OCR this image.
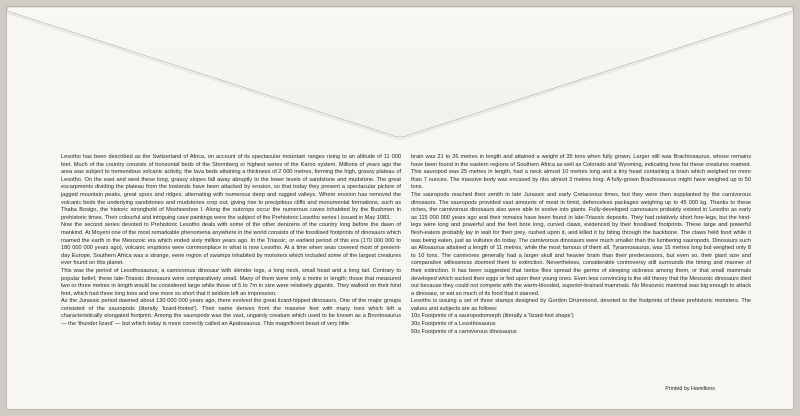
Lesotho has been described as the Switzerland of Africa, on account of its spectacular mountain ranges rising to an altitude of 11 000 feet. Much of the country consists of horizontal beds of the Stormberg or highest series of the Karoo system. Millions of years ago the area was subject to tremendous volcanic activity, the lava beds attaining a thickness of 2 000 metres, forming the high, grassy plateau of Lesotho. On the east and west these long, grassy slopes fall away abruptly to the lower levels of sandstone and mudstone. The great escarpments dividing the plateau from the lowlands have been attacked by erosion, so that today they present a spectacular picture of jagged mountain peaks, great spurs and ridges, alternating with numerous deep and rugged valleys. Where erosion has removed the volcanic beds the underlying sandstones and mudstones crop out, giving rise to precipitous cliffs and monumental formations, such as Thaba Bosigo, the historic stronghold of Moshoeshoe I. Along the outcrops occur the numerous caves inhabited by the Bushmen in prehistoric times. Their colourful and intriguing cave paintings were the subject of the Prehistoric Lesotho series I issued in May 1983.

Now the second series devoted to Prehistoric Lesotho deals with some of the other denizens of the country long before the dawn of mankind. At Moyeni one of the most remarkable phenomena anywhere in the world consists of the fossilised footprints of dinosaurs which roamed the earth in the Mesozoic era which ended sixty million years ago. In the Triassic, or earliest period of this era (170 000 000 to 180 000 000 years ago), volcanic eruptions were commonplace in what is now Lesotho. At a time when seas covered most of present-day Europe, Southern Africa was a strange, eerie region of swamps inhabited by monsters which included some of the largest creatures ever found on this planet.

This was the period of Lesothosaurus, a carnivorous dinosaur with slender legs, a long neck, small head and a long tail. Contrary to popular belief, these late-Triassic dinosaurs were comparatively small. Many of them were only a metre in length; those that measured two or three metres in length would be considered large while those of 5 to 7m in size were relatively gigantic. They walked on their hind feet, which had three long toes and one more so short that it seldom left an impression.

As the Jurassic period dawned about 130 000 000 years ago, there evolved the great lizard-hipped dinosaurs. One of the major groups consisted of the sauropods (literally 'lizard-footed'). Their name derives from the massive feet with many toes which left a characteristically elongated footprint. Among the sauropods was the vast, ungainly creature which used to be known as a Brontosaurus — the 'thunder lizard' — but which today is more correctly called an Apatosaurus. This magnificent beast of very little

brain was 21 to 26 metres in length and attained a weight of 35 tons when fully grown. Larger still was Brachiosaurus, whose remains have been found in the eastern regions of Southern Africa as well as Colorado and Wyoming, indicating how far these creatures roamed. This sauropod was 25 metres in length, had a neck almost 10 metres long and a tiny head containing a brain which weighed no more than 7 ounces. The massive body was encased by ribs almost 3 metres long. A fully-grown Brachiosaurus might have weighed up to 50 tons.

The sauropods reached their zenith in late Jurassic and early Cretaceous times, but they were then supplanted by the carnivorous dinosaurs. The sauropods provided vast amounts of meat in timid, defenceless packages weighing up to 45 000 kg. Thanks to these riches, the carnivorous dinosaurs also were able to evolve into giants. Fully-developed carnosaurs probably existed in Lesotho as early as 115 000 000 years ago and their remains have been found in late-Triassic deposits. They had relatively short fore-legs, but the hind-legs were long and powerful and the feet bore long, curved claws, evidenced by their fossilised footprints. These large and powerful flesh-eaters probably lay in wait for their prey, rushed upon it, and killed it by biting through the backbone. The claws held food while it was being eaten, just as vultures do today. The carnivorous dinosaurs were much smaller than the lumbering sauropods. Dinosaurs such as Allosaurus attained a length of 11 metres, while the most famous of them all, Tyrannosaurus, was 15 metres long but weighed only 8 to 10 tons. The carnivores generally had a larger skull and heavier brain than their predecessors, but even so, their giant size and comparative willessness doomed them to extinction. Nevertheless, considerable controversy still surrounds the timing and manner of their extinction. It has been suggested that tsetse flies spread the germs of sleeping sickness among them, or that small mammals developed which sucked their eggs or fed upon their young ones. Even less convincing is the old theory that the Mesozoic dinosaurs died out because they could not compete with the warm-blooded, superior-brained mammals. No Mesozoic mammal was big enough to attack a dinosaur, or eat so much of its food that it starved.

Lesotho is issuing a set of three stamps designed by Gordon Drummond, devoted to the footprints of these prehistoric monsters. The values and subjects are as follows:

10s Footprints of a sauropodomorph (literally a 'lizard-foot shape')
30s Footprints of a Lesothosaurus
50s Footprints of a carnivorous dinosaurus
Printed by Hamiltons
